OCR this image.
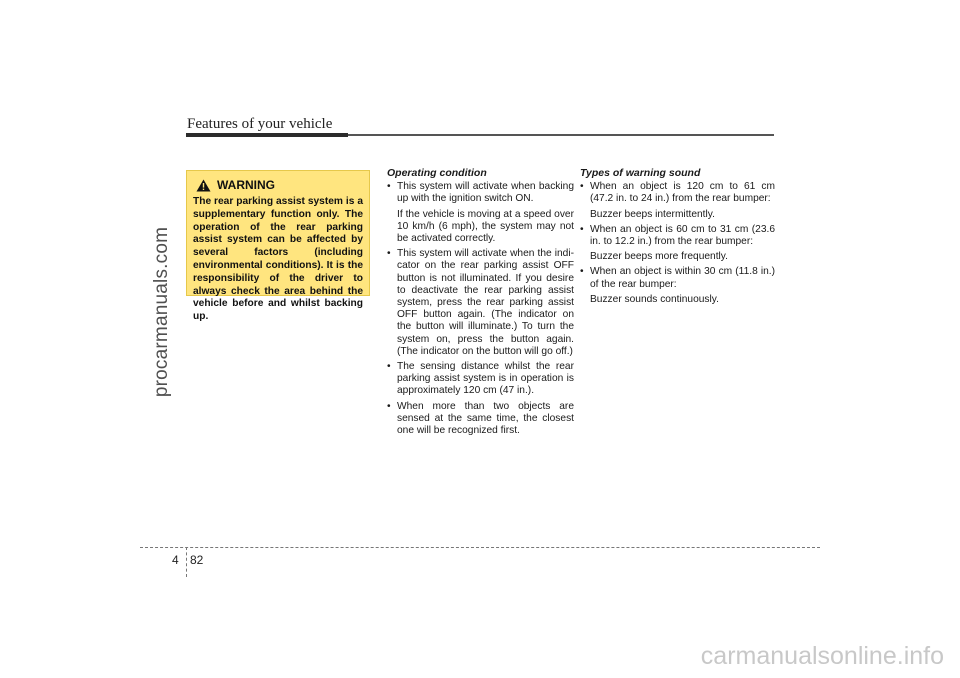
Features of your vehicle
procarmanuals.com
WARNING
The rear parking assist system is a supplementary function only. The operation of the rear parking assist system can be affected by several factors (including environmental conditions). It is the responsibility of the driver to always check the area behind the vehicle before and whilst backing up.
Operating condition
• This system will activate when backing up with the ignition switch ON.
If the vehicle is moving at a speed over 10 km/h (6 mph), the system may not be activated correctly.
• This system will activate when the indi-cator on the rear parking assist OFF button is not illuminated. If you desire to deactivate the rear parking assist system, press the rear parking assist OFF button again. (The indicator on the button will illuminate.) To turn the system on, press the button again. (The indicator on the button will go off.)
• The sensing distance whilst the rear parking assist system is in operation is approximately 120 cm (47 in.).
• When more than two objects are sensed at the same time, the closest one will be recognized first.
Types of warning sound
• When an object is 120 cm to 61 cm (47.2 in. to 24 in.) from the rear bumper:
Buzzer beeps intermittently.
• When an object is 60 cm to 31 cm (23.6 in. to 12.2 in.) from the rear bumper:
Buzzer beeps more frequently.
• When an object is within 30 cm (11.8 in.) of the rear bumper:
Buzzer sounds continuously.
4 82
carmanualsonline.info
